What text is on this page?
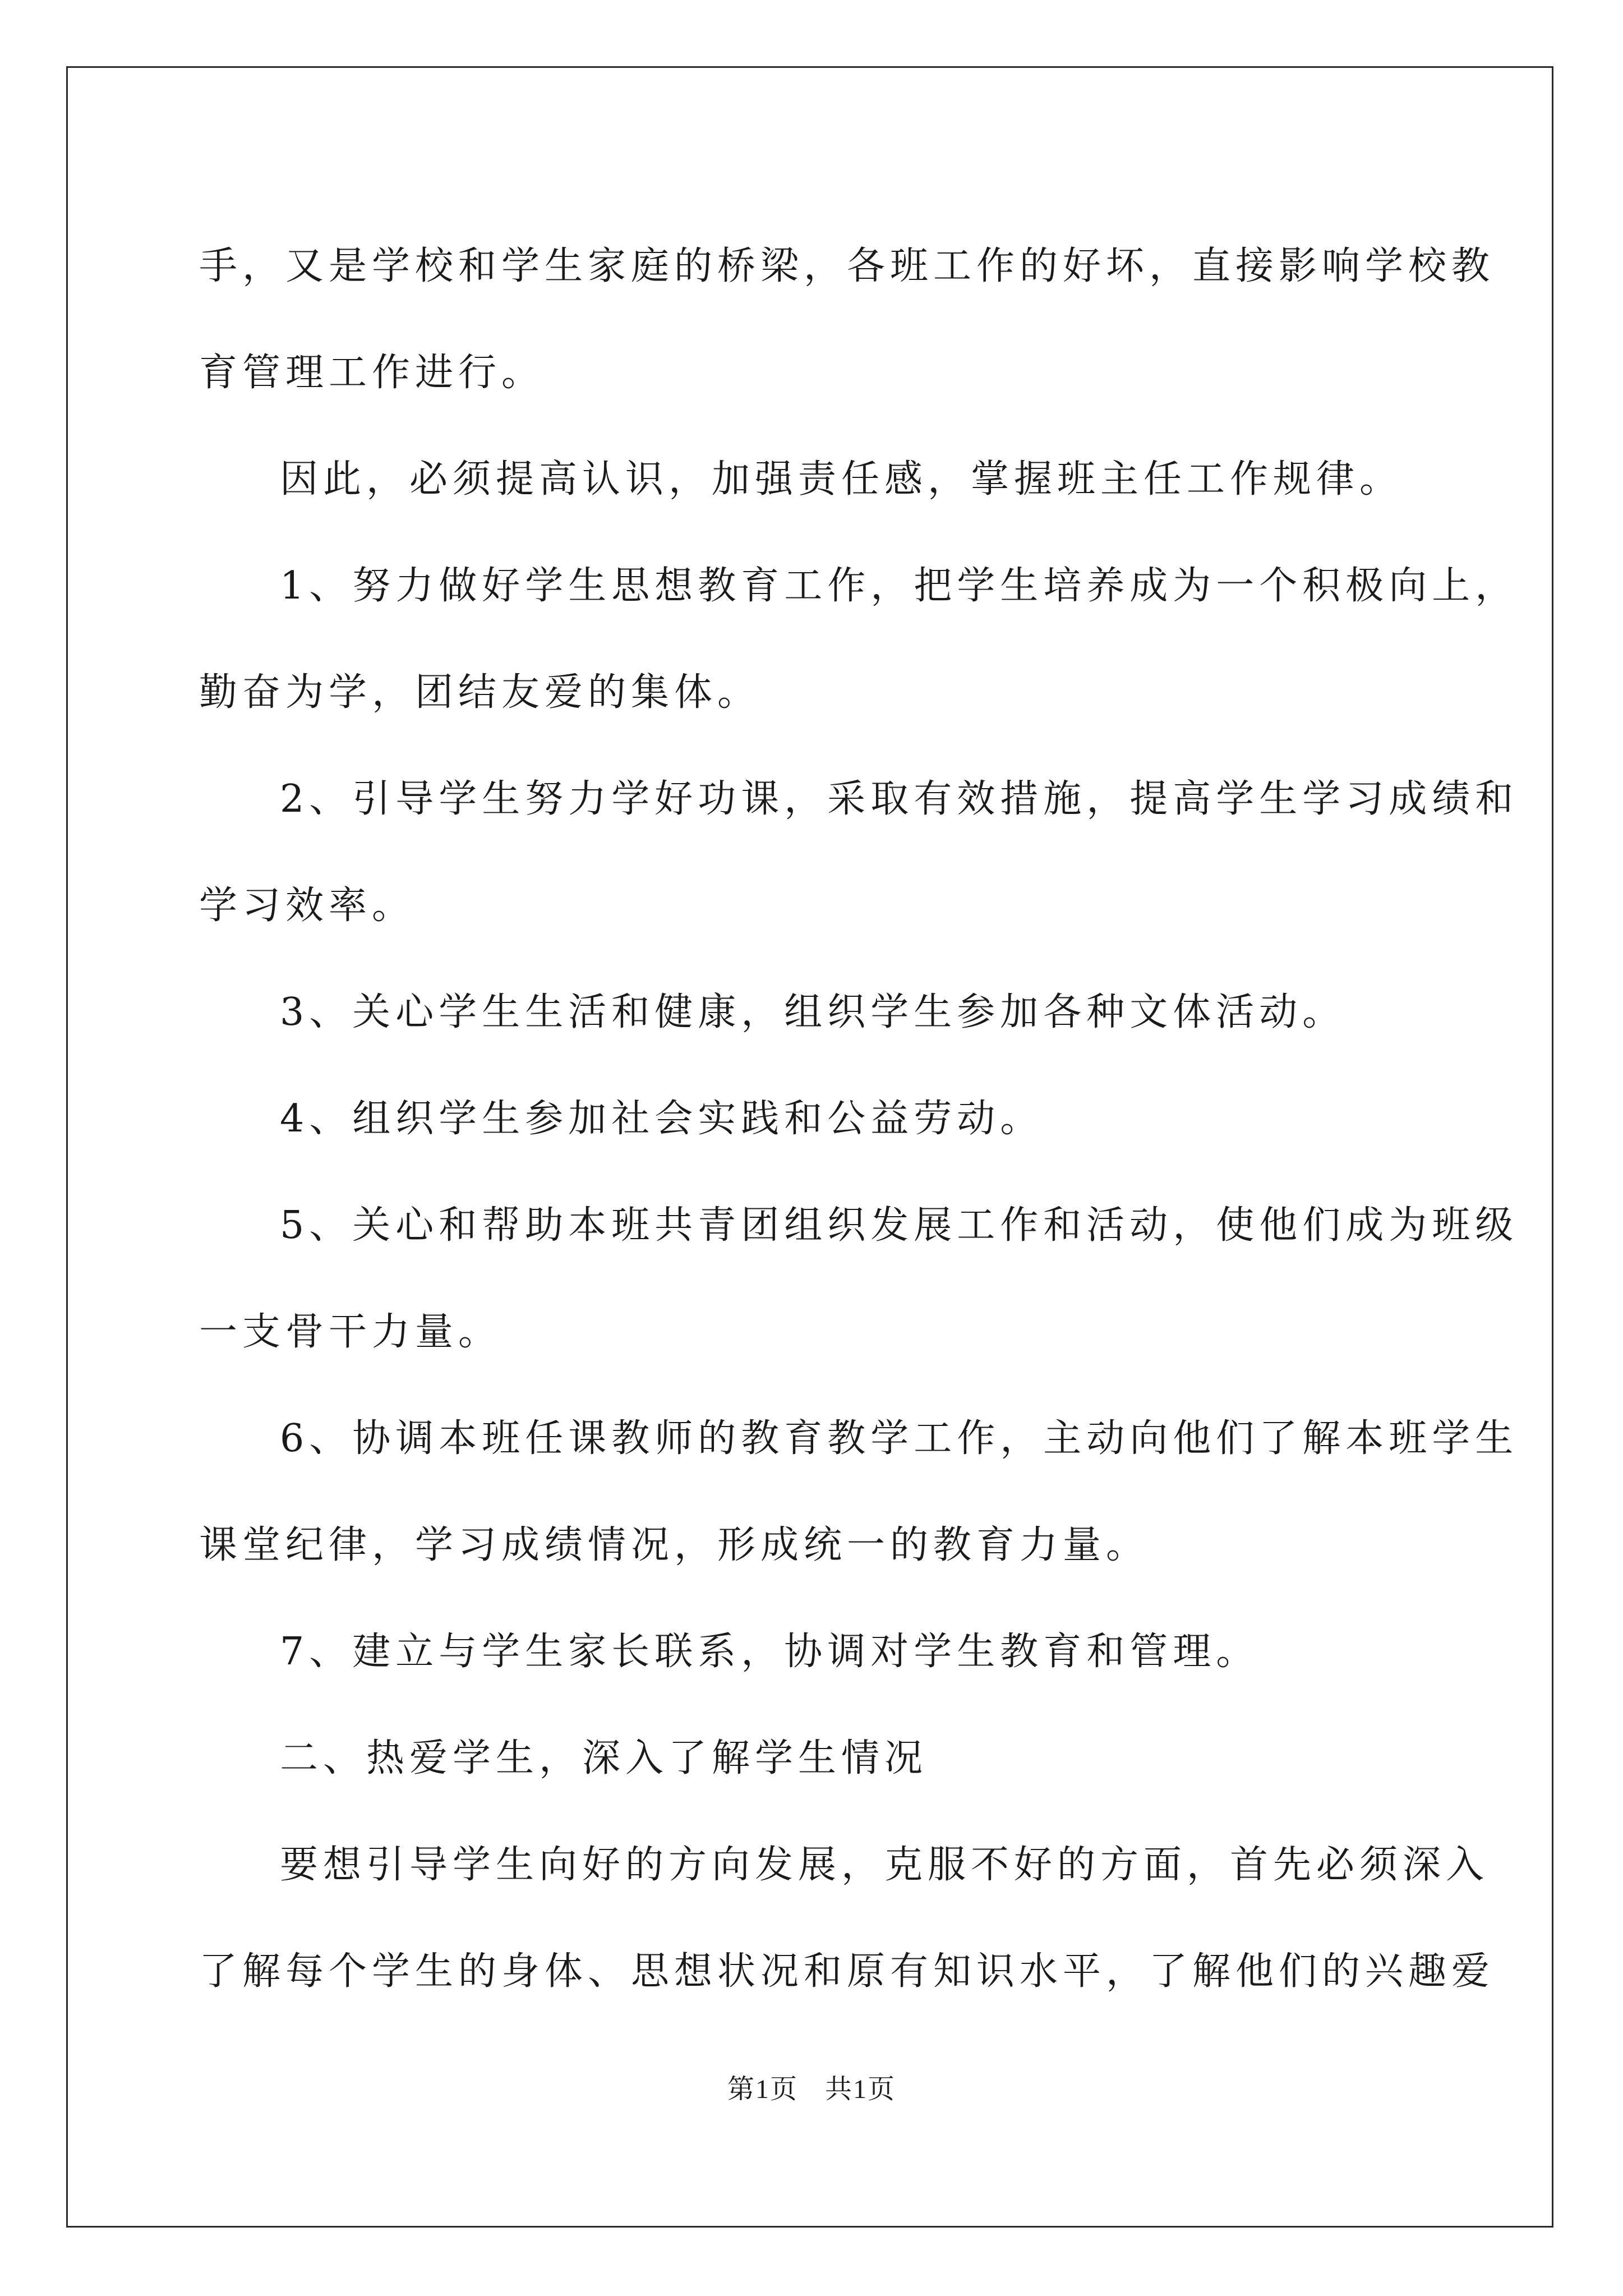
手，又是学校和学生家庭的桥梁，各班工作的好坏，直接影响学校教
育管理工作进行。
因此，必须提高认识，加强责任感，掌握班主任工作规律。
1、努力做好学生思想教育工作，把学生培养成为一个积极向上，
勤奋为学，团结友爱的集体。
2、引导学生努力学好功课，采取有效措施，提高学生学习成绩和
学习效率。
3、关心学生生活和健康，组织学生参加各种文体活动。
4、组织学生参加社会实践和公益劳动。
5、关心和帮助本班共青团组织发展工作和活动，使他们成为班级
一支骨干力量。
6、协调本班任课教师的教育教学工作，主动向他们了解本班学生
课堂纪律，学习成绩情况，形成统一的教育力量。
7、建立与学生家长联系，协调对学生教育和管理。
二、热爱学生，深入了解学生情况
要想引导学生向好的方向发展，克服不好的方面，首先必须深入
了解每个学生的身体、思想状况和原有知识水平，了解他们的兴趣爱
第1页 共1页
